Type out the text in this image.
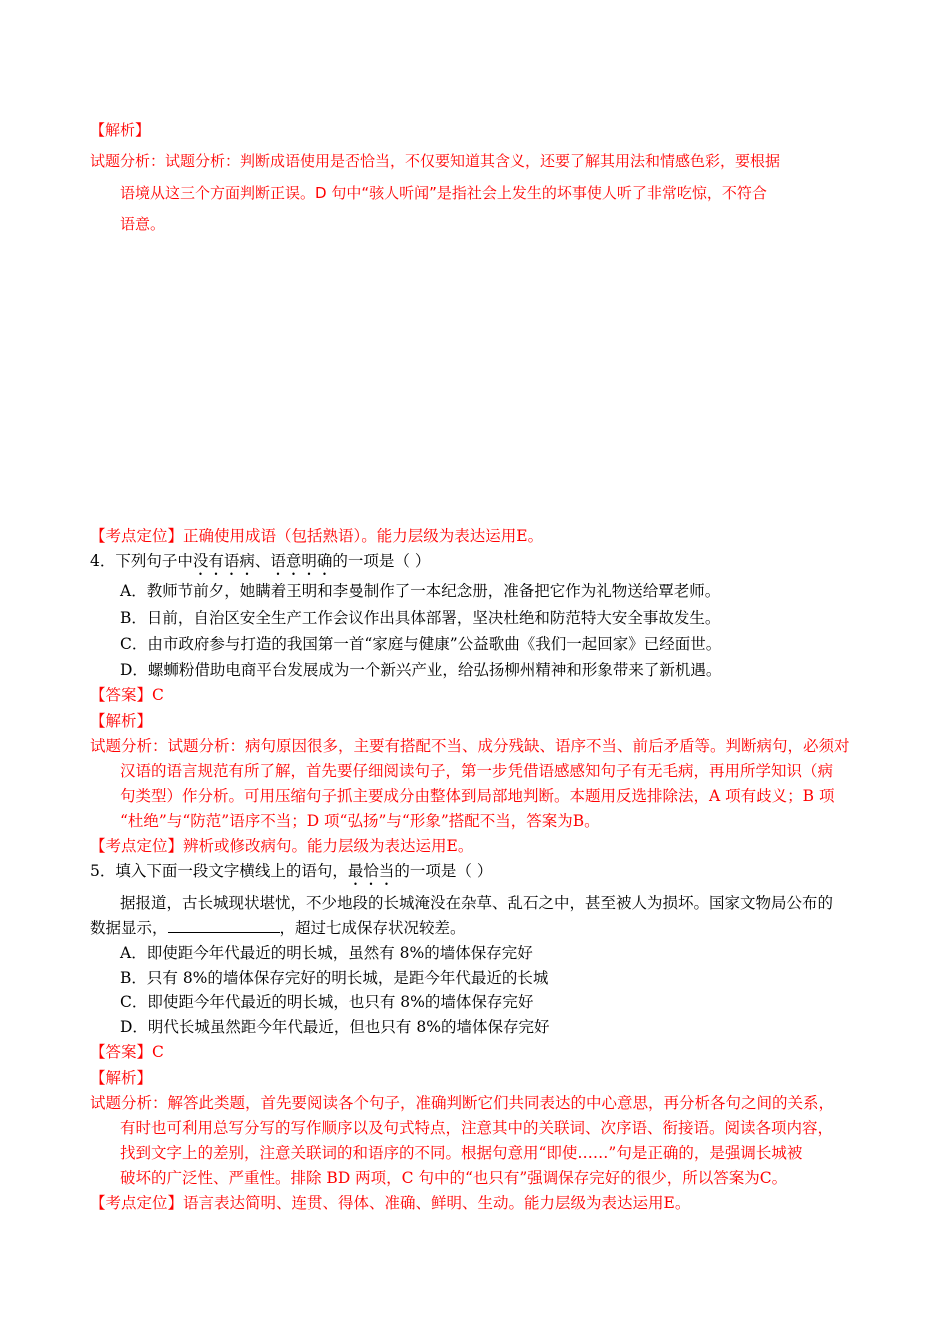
【解析】
试题分析：试题分析：判断成语使用是否恰当，不仅要知道其含义，还要了解其用法和情感色彩，要根据
语境从这三个方面判断正误。D 句中“骇人听闻”是指社会上发生的坏事使人听了非常吃惊，不符合
语意。
【考点定位】正确使用成语（包括熟语）。能力层级为表达运用E。
4．下列句子中没有语病、语意明确的一项是（ ）
A．教师节前夕，她瞒着王明和李曼制作了一本纪念册，准备把它作为礼物送给覃老师。
B．日前，自治区安全生产工作会议作出具体部署，坚决杜绝和防范特大安全事故发生。
C．由市政府参与打造的我国第一首“家庭与健康”公益歌曲《我们一起回家》已经面世。
D．螺蛳粉借助电商平台发展成为一个新兴产业，给弘扬柳州精神和形象带来了新机遇。
【答案】C
【解析】
试题分析：试题分析：病句原因很多，主要有搭配不当、成分残缺、语序不当、前后矛盾等。判断病句，必须对
汉语的语言规范有所了解，首先要仔细阅读句子，第一步凭借语感感知句子有无毛病，再用所学知识（病
句类型）作分析。可用压缩句子抓主要成分由整体到局部地判断。本题用反选排除法，A 项有歧义；B 项
“杜绝”与“防范”语序不当；D 项“弘扬”与“形象”搭配不当，答案为B。
【考点定位】辨析或修改病句。能力层级为表达运用E。
5．填入下面一段文字横线上的语句，最恰当的一项是（ ）
据报道，古长城现状堪忧，不少地段的长城淹没在杂草、乱石之中，甚至被人为损坏。国家文物局公布的
数据显示，	，超过七成保存状况较差。
A．即使距今年代最近的明长城，虽然有 8%的墙体保存完好
B．只有 8%的墙体保存完好的明长城，是距今年代最近的长城
C．即使距今年代最近的明长城，也只有 8%的墙体保存完好
D．明代长城虽然距今年代最近，但也只有 8%的墙体保存完好
【答案】C
【解析】
试题分析：解答此类题，首先要阅读各个句子，准确判断它们共同表达的中心意思，再分析各句之间的关系，
有时也可利用总写分写的写作顺序以及句式特点，注意其中的关联词、次序语、衔接语。阅读各项内容，
找到文字上的差别，注意关联词的和语序的不同。根据句意用“即使……”句是正确的，是强调长城被
破坏的广泛性、严重性。排除 BD 两项，C 句中的“也只有”强调保存完好的很少，所以答案为C。
【考点定位】语言表达简明、连贯、得体、准确、鲜明、生动。能力层级为表达运用E。
